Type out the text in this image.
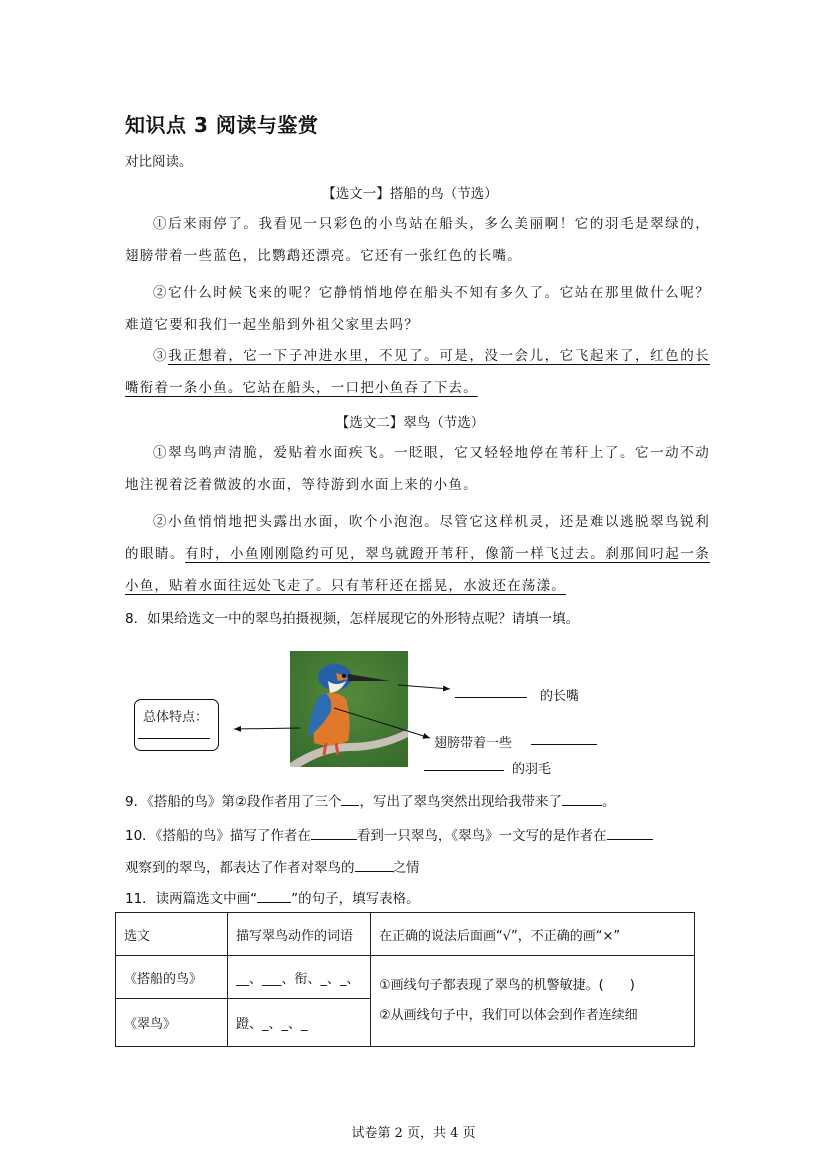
知识点 3 阅读与鉴赏
对比阅读。
【选文一】搭船的鸟（节选）
①后来雨停了。我看见一只彩色的小鸟站在船头，多么美丽啊！它的羽毛是翠绿的，翅膀带着一些蓝色，比鹦鹉还漂亮。它还有一张红色的长嘴。
②它什么时候飞来的呢？它静悄悄地停在船头不知有多久了。它站在那里做什么呢？难道它要和我们一起坐船到外祖父家里去吗？
③我正想着，它一下子冲进水里，不见了。可是，没一会儿，它飞起来了，红色的长嘴衔着一条小鱼。它站在船头，一口把小鱼吞了下去。
【选文二】翠鸟（节选）
①翠鸟鸣声清脆，爱贴着水面疾飞。一眨眼，它又轻轻地停在苇秆上了。它一动不动地注视着泛着微波的水面，等待游到水面上来的小鱼。
②小鱼悄悄地把头露出水面，吹个小泡泡。尽管它这样机灵，还是难以逃脱翠鸟锐利的眼睛。有时，小鱼刚刚隐约可见，翠鸟就蹬开苇秆，像箭一样飞过去。刹那间叼起一条小鱼，贴着水面往远处飞走了。只有苇秆还在摇晃，水波还在荡漾。
8．如果给选文一中的翠鸟拍摄视频，怎样展现它的外形特点呢？请填一填。
总体特点：
的长嘴
翅膀带着一些
的羽毛
9．《搭船的鸟》第②段作者用了三个 ，写出了翠鸟突然出现给我带来了	。
10．《搭船的鸟》描写了作者在	看到一只翠鸟，《翠鸟》一文写的是作者在
观察到的翠鸟，都表达了作者对翠鸟的	之情
11．读两篇选文中画“	”的句子，填写表格。
选文	描写翠鸟动作的词语	在正确的说法后面画“√”，不正确的画“×”
《搭船的鸟》	__、___、衔、_、_、	①画线句子都表现了翠鸟的机警敏捷。(　　)
②从画线句子中，我们可以体会到作者连续细

《翠鸟》	蹬、_、_、_	
试卷第 2 页，共 4 页
